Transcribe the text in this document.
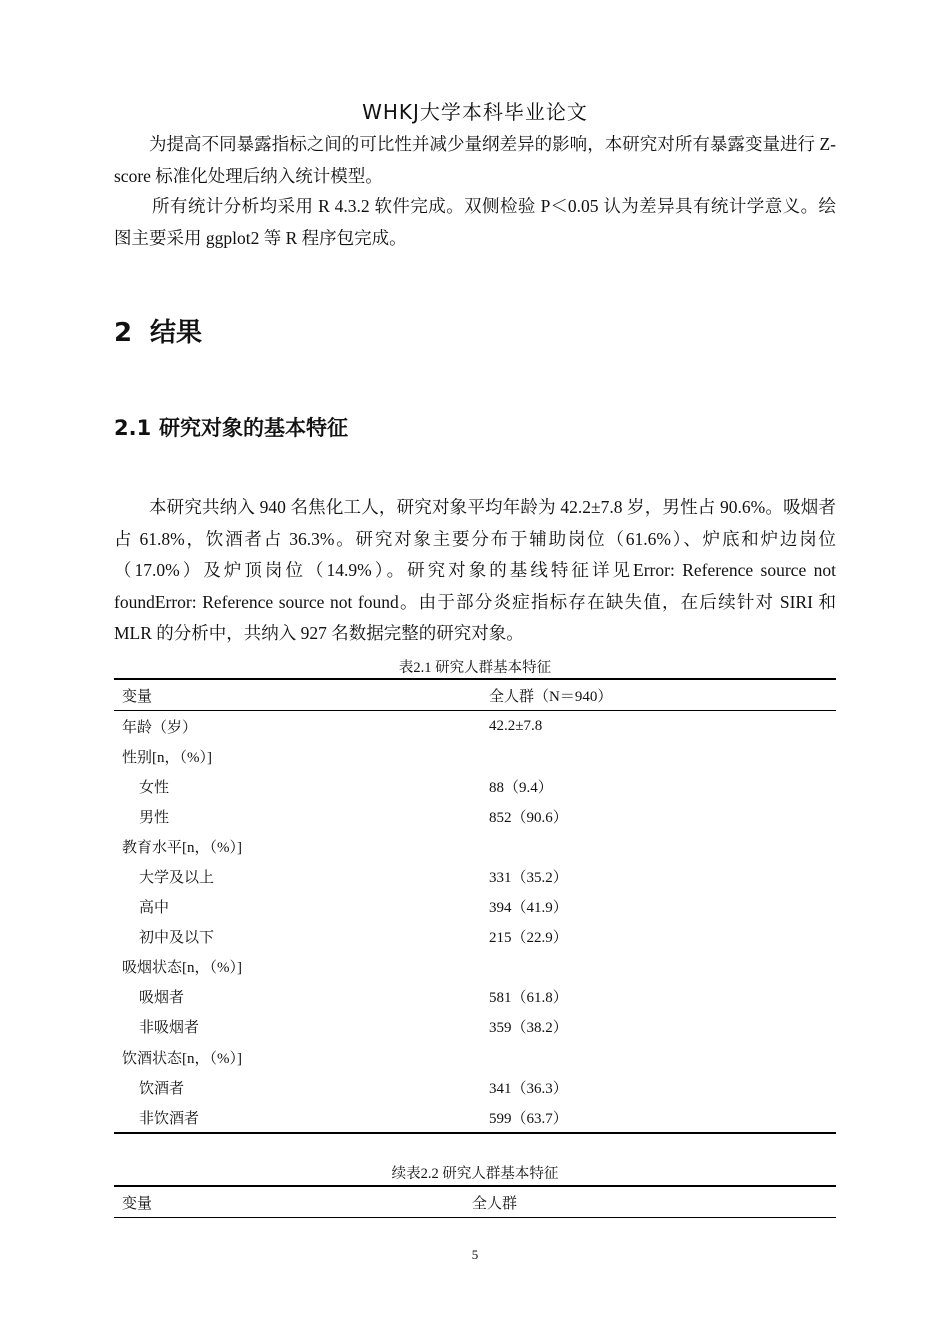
WHKJ大学本科毕业论文

为提高不同暴露指标之间的可比性并减少量纲差异的影响，本研究对所有暴露变量进行 Z-score 标准化处理后纳入统计模型。

所有统计分析均采用 R 4.3.2 软件完成。双侧检验 P＜0.05 认为差异具有统计学意义。绘图主要采用 ggplot2 等 R 程序包完成。

2 结果
2.1 研究对象的基本特征

本研究共纳入 940 名焦化工人，研究对象平均年龄为 42.2±7.8 岁，男性占 90.6%。吸烟者占 61.8%，饮酒者占 36.3%。研究对象主要分布于辅助岗位（61.6%）、炉底和炉边岗位（17.0%）及炉顶岗位（14.9%）。研究对象的基线特征详见Error: Reference source not foundError: Reference source not found。由于部分炎症指标存在缺失值，在后续针对 SIRI 和 MLR 的分析中，共纳入 927 名数据完整的研究对象。

表2.1 研究人群基本特征
变量	全人群（N＝940）
年龄（岁）	42.2±7.8
性别[n，（%）]	
女性	88（9.4）
男性	852（90.6）
教育水平[n，（%）]	
大学及以上	331（35.2）
高中	394（41.9）
初中及以下	215（22.9）
吸烟状态[n，（%）]	
吸烟者	581（61.8）
非吸烟者	359（38.2）
饮酒状态[n，（%）]	
饮酒者	341（36.3）
非饮酒者	599（63.7）
续表2.2 研究人群基本特征
变量	全人群
5
